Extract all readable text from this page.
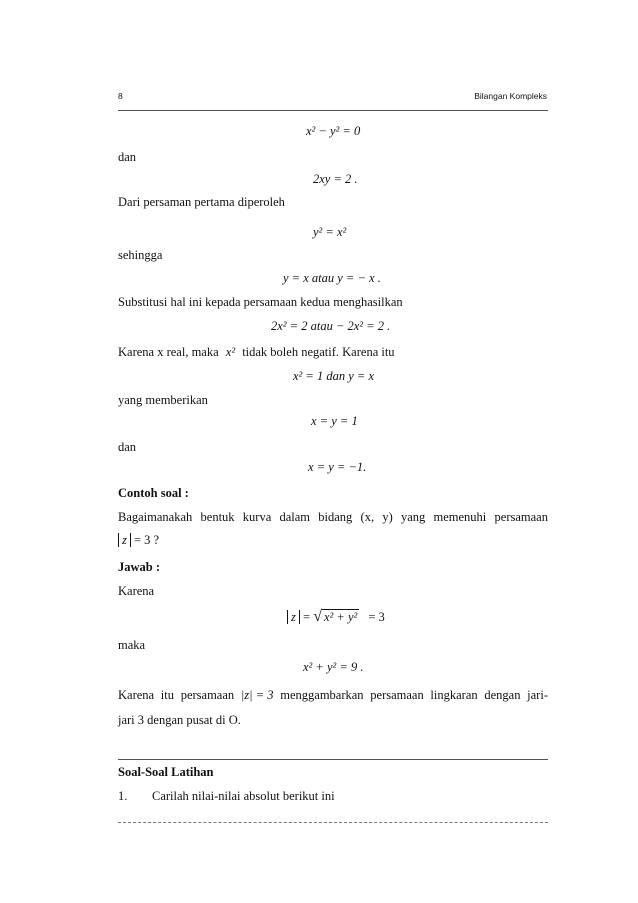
8	Bilangan Kompleks
x² − y² = 0
dan
2xy = 2 .
Dari persaman pertama diperoleh
y² = x²
sehingga
y = x atau y = − x .
Substitusi hal ini kepada persamaan kedua menghasilkan
2x² = 2 atau − 2x² = 2 .
Karena x real, maka x² tidak boleh negatif. Karena itu
x² = 1 dan y = x
yang memberikan
x = y = 1
dan
x = y = −1.
Contoh soal :
Bagaimanakah bentuk kurva dalam bidang (x, y) yang memenuhi persamaan
z = 3 ?
Jawab :
Karena
z = √ x² + y² = 3
maka
x² + y² = 9 .
Karena itu persamaan |z| = 3 menggambarkan persamaan lingkaran dengan jari-
jari 3 dengan pusat di O.
Soal-Soal Latihan
1. Carilah nilai-nilai absolut berikut ini
